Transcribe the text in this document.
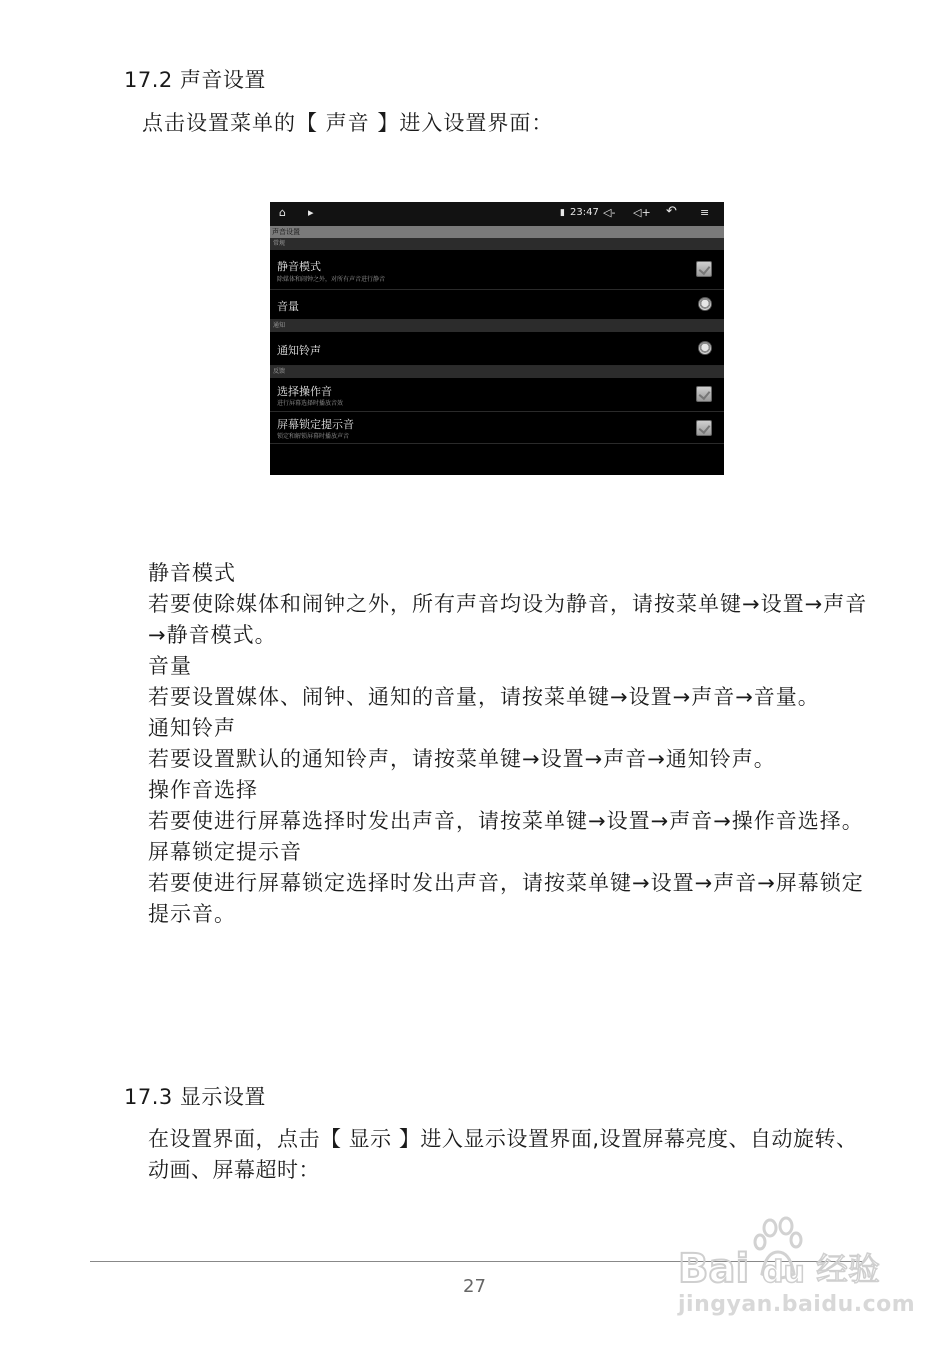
17.2 声音设置
点击设置菜单的【 声音 】进入设置界面：
⌂ ▸	▮ 23:47 ◁- ◁+ ↶ ≡
声音设置
常规
静音模式
除媒体和闹钟之外，对所有声音进行静音
音量
通知
通知铃声
反馈
选择操作音
进行屏幕选择时播放音效
屏幕锁定提示音
锁定和解锁屏幕时播放声音
静音模式
若要使除媒体和闹钟之外，所有声音均设为静音，请按菜单键→设置→声音→静音模式。
音量
若要设置媒体、闹钟、通知的音量，请按菜单键→设置→声音→音量。
通知铃声
若要设置默认的通知铃声，请按菜单键→设置→声音→通知铃声。
操作音选择
若要使进行屏幕选择时发出声音，请按菜单键→设置→声音→操作音选择。
屏幕锁定提示音
若要使进行屏幕锁定选择时发出声音，请按菜单键→设置→声音→屏幕锁定提示音。
17.3 显示设置
在设置界面，点击【 显示 】进入显示设置界面,设置屏幕亮度、自动旋转、动画、屏幕超时：
27	Bai du 经验
jingyan.baidu.com
